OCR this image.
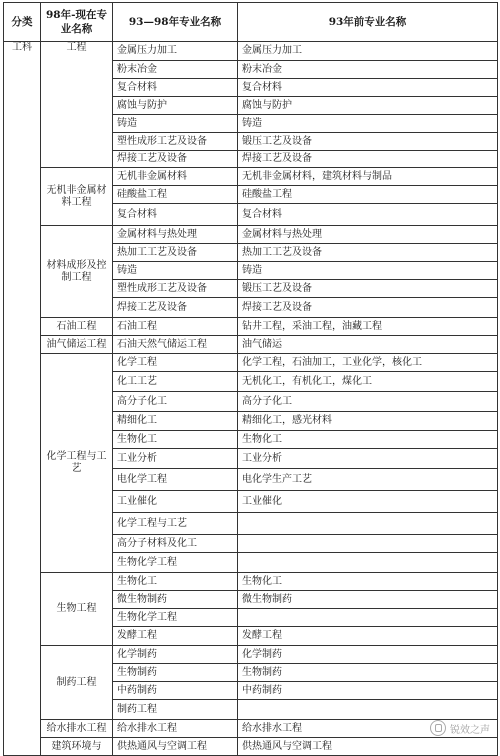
分类	98年-现在专业名称	93—98年专业名称	93年前专业名称
工科	工程	金属压力加工	金属压力加工
		粉末冶金	粉末冶金
		复合材料	复合材料
		腐蚀与防护	腐蚀与防护
		铸造	铸造
		塑性成形工艺及设备	锻压工艺及设备
		焊接工艺及设备	焊接工艺及设备
	无机非金属材料工程	无机非金属材料	无机非金属材料，建筑材料与制品
		硅酸盐工程	硅酸盐工程
		复合材料	复合材料
	材料成形及控制工程	金属材料与热处理	金属材料与热处理
		热加工工艺及设备	热加工工艺及设备
		铸造	铸造
		塑性成形工艺及设备	锻压工艺及设备
		焊接工艺及设备	焊接工艺及设备
	石油工程	石油工程	钻井工程，采油工程，油藏工程
	油气储运工程	石油天然气储运工程	油气储运
	化学工程与工艺	化学工程	化学工程，石油加工，工业化学，核化工
		化工工艺	无机化工，有机化工，煤化工
		高分子化工	高分子化工
		精细化工	精细化工，感光材料
		生物化工	生物化工
		工业分析	工业分析
		电化学工程	电化学生产工艺
		工业催化	工业催化
		化学工程与工艺	
		高分子材料及化工	
		生物化学工程	
	生物工程	生物化工	生物化工
		微生物制药	微生物制药
		生物化学工程	
		发酵工程	发酵工程
	制药工程	化学制药	化学制药
		生物制药	生物制药
		中药制药	中药制药
		制药工程	
	给水排水工程	给水排水工程	给水排水工程
	建筑环境与	供热通风与空调工程	供热通风与空调工程
锐效之声
